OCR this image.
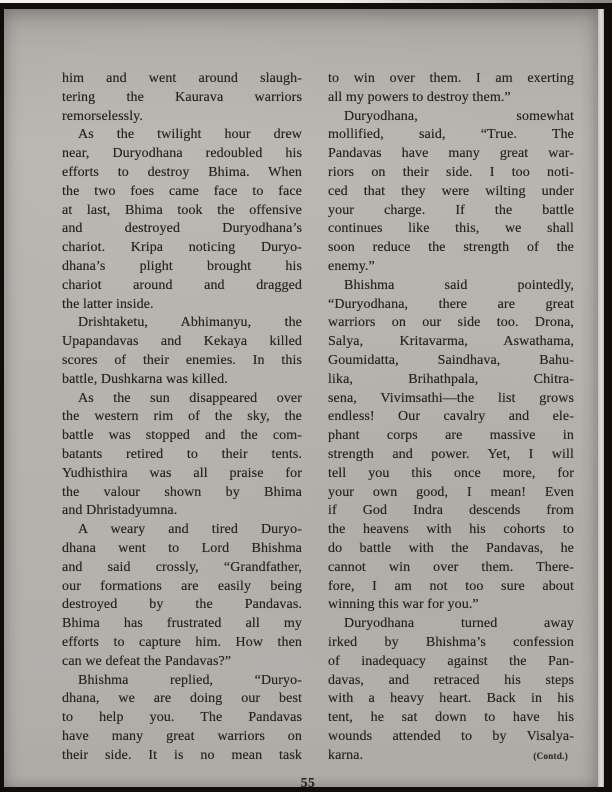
him and went around slaugh-
tering the Kaurava warriors
remorselessly.
As the twilight hour drew
near, Duryodhana redoubled his
efforts to destroy Bhima. When
the two foes came face to face
at last, Bhima took the offensive
and destroyed Duryodhana’s
chariot. Kripa noticing Duryo-
dhana’s plight brought his
chariot around and dragged
the latter inside.
Drishtaketu, Abhimanyu, the
Upapandavas and Kekaya killed
scores of their enemies. In this
battle, Dushkarna was killed.
As the sun disappeared over
the western rim of the sky, the
battle was stopped and the com-
batants retired to their tents.
Yudhisthira was all praise for
the valour shown by Bhima
and Dhristadyumna.
A weary and tired Duryo-
dhana went to Lord Bhishma
and said crossly, “Grandfather,
our formations are easily being
destroyed by the Pandavas.
Bhima has frustrated all my
efforts to capture him. How then
can we defeat the Pandavas?”
Bhishma replied, “Duryo-
dhana, we are doing our best
to help you. The Pandavas
have many great warriors on
their side. It is no mean task
to win over them. I am exerting
all my powers to destroy them.”
Duryodhana, somewhat
mollified, said, “True. The
Pandavas have many great war-
riors on their side. I too noti-
ced that they were wilting under
your charge. If the battle
continues like this, we shall
soon reduce the strength of the
enemy.”
Bhishma said pointedly,
“Duryodhana, there are great
warriors on our side too. Drona,
Salya, Kritavarma, Aswathama,
Goumidatta, Saindhava, Bahu-
lika, Brihathpala, Chitra-
sena, Vivimsathi—the list grows
endless! Our cavalry and ele-
phant corps are massive in
strength and power. Yet, I will
tell you this once more, for
your own good, I mean! Even
if God Indra descends from
the heavens with his cohorts to
do battle with the Pandavas, he
cannot win over them. There-
fore, I am not too sure about
winning this war for you.”
Duryodhana turned away
irked by Bhishma’s confession
of inadequacy against the Pan-
davas, and retraced his steps
with a heavy heart. Back in his
tent, he sat down to have his
wounds attended to by Visalya-
karna.	(Contd.)
55
